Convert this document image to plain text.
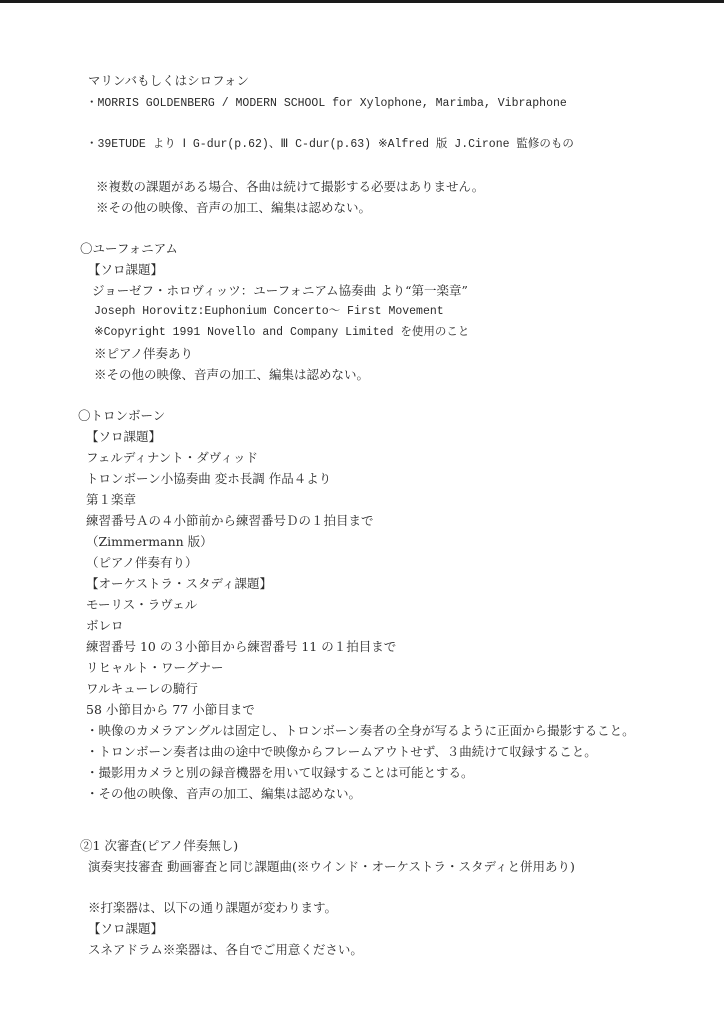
マリンバもしくはシロフォン
・MORRIS GOLDENBERG / MODERN SCHOOL for Xylophone, Marimba, Vibraphone
・39ETUDE より Ⅰ G-dur(p.62)、Ⅲ C-dur(p.63) ※Alfred 版 J.Cirone 監修のもの
※複数の課題がある場合、各曲は続けて撮影する必要はありません。
※その他の映像、音声の加工、編集は認めない。
〇ユーフォニアム
【ソロ課題】
ジョーゼフ・ホロヴィッツ：ユーフォニアム協奏曲 より“第一楽章”
Joseph Horovitz:Euphonium Concerto～ First Movement
※Copyright 1991 Novello and Company Limited を使用のこと
※ピアノ伴奏あり
※その他の映像、音声の加工、編集は認めない。
〇トロンボーン
【ソロ課題】
フェルディナント・ダヴィッド
トロンボーン小協奏曲 変ホ長調 作品４より
第１楽章
練習番号Ａの４小節前から練習番号Ｄの１拍目まで
（Zimmermann 版）
（ピアノ伴奏有り）
【オーケストラ・スタディ課題】
モーリス・ラヴェル
ボレロ
練習番号 10 の３小節目から練習番号 11 の１拍目まで
リヒャルト・ワーグナー
ワルキューレの騎行
58 小節目から 77 小節目まで
・映像のカメラアングルは固定し、トロンボーン奏者の全身が写るように正面から撮影すること。
・トロンボーン奏者は曲の途中で映像からフレームアウトせず、３曲続けて収録すること。
・撮影用カメラと別の録音機器を用いて収録することは可能とする。
・その他の映像、音声の加工、編集は認めない。
②1 次審査(ピアノ伴奏無し)
演奏実技審査 動画審査と同じ課題曲(※ウインド・オーケストラ・スタディと併用あり)
※打楽器は、以下の通り課題が変わります。
【ソロ課題】
スネアドラム※楽器は、各自でご用意ください。
